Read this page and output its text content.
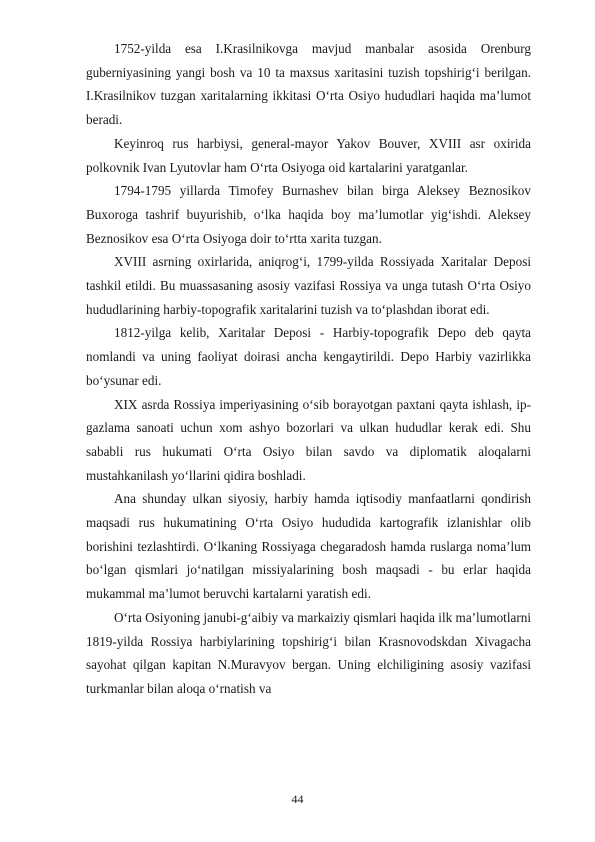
1752-yilda esa I.Krasilnikovga mavjud manbalar asosida Orenburg guberniyasining yangi bosh va 10 ta maxsus xaritasini tuzish topshirig‘i berilgan. I.Krasilnikov tuzgan xaritalarning ikkitasi O‘rta Osiyo hududlari haqida ma’lumot beradi.

Keyinroq rus harbiysi, general-mayor Yakov Bouver, XVIII asr oxirida polkovnik Ivan Lyutovlar ham O‘rta Osiyoga oid kartalarini yaratganlar.

1794-1795 yillarda Timofey Burnashev bilan birga Aleksey Beznosikov Buxoroga tashrif buyurishib, o‘lka haqida boy ma’lumotlar yig‘ishdi. Aleksey Beznosikov esa O‘rta Osiyoga doir to‘rtta xarita tuzgan.

XVIII asrning oxirlarida, aniqrog‘i, 1799-yilda Rossiyada Xaritalar Deposi tashkil etildi. Bu muassasaning asosiy vazifasi Rossiya va unga tutash O‘rta Osiyo hududlarining harbiy-topografik xaritalarini tuzish va to‘plashdan iborat edi.

1812-yilga kelib, Xaritalar Deposi - Harbiy-topografik Depo deb qayta nomlandi va uning faoliyat doirasi ancha kengaytirildi. Depo Harbiy vazirlikka bo‘ysunar edi.

XIX asrda Rossiya imperiyasining o‘sib borayotgan paxtani qayta ishlash, ip-gazlama sanoati uchun xom ashyo bozorlari va ulkan hududlar kerak edi. Shu sababli rus hukumati O‘rta Osiyo bilan savdo va diplomatik aloqalarni mustahkanilash yo‘llarini qidira boshladi.

Ana shunday ulkan siyosiy, harbiy hamda iqtisodiy manfaatlarni qondirish maqsadi rus hukumatining O‘rta Osiyo hududida kartografik izlanishlar olib borishini tezlashtirdi. O‘lkaning Rossiyaga chegaradosh hamda ruslarga noma’lum bo‘lgan qismlari jo‘natilgan missiyalarining bosh maqsadi - bu erlar haqida mukammal ma’lumot beruvchi kartalarni yaratish edi.

O‘rta Osiyoning janubi-g‘aibiy va markaiziy qismlari haqida ilk ma’lumotlarni 1819-yilda Rossiya harbiylarining topshirig‘i bilan Krasnovodskdan Xivagacha sayohat qilgan kapitan N.Muravyov bergan. Uning elchiligining asosiy vazifasi turkmanlar bilan aloqa o‘rnatish va

44
